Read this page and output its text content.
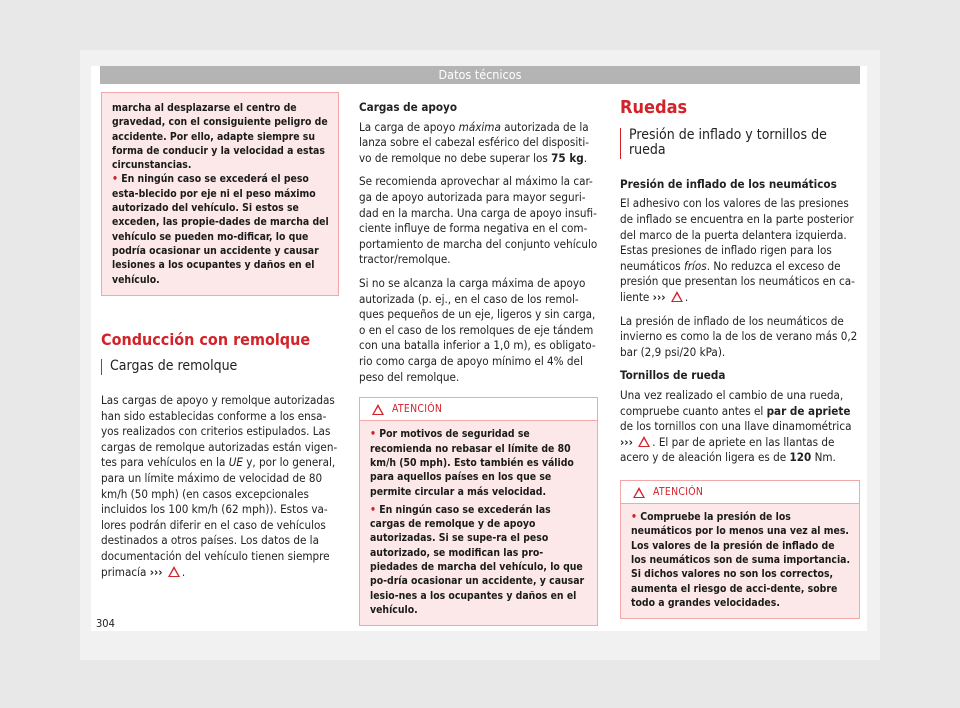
Datos técnicos

marcha al desplazarse el centro de gravedad, con el consiguiente peligro de accidente. Por ello, adapte siempre su forma de conducir y la velocidad a estas circunstancias.

• En ningún caso se excederá el peso esta-blecido por eje ni el peso máximo autorizado del vehículo. Si estos se exceden, las propie-dades de marcha del vehículo se pueden mo-dificar, lo que podría ocasionar un accidente y causar lesiones a los ocupantes y daños en el vehículo.

Conducción con remolque

Cargas de remolque

Las cargas de apoyo y remolque autorizadas han sido establecidas conforme a los ensa-yos realizados con criterios estipulados. Las cargas de remolque autorizadas están vigen-tes para vehículos en la UE y, por lo general, para un límite máximo de velocidad de 80 km/h (50 mph) (en casos excepcionales incluidos los 100 km/h (62 mph)). Estos va-lores podrán diferir en el caso de vehículos destinados a otros países. Los datos de la documentación del vehículo tienen siempre primacía ››› .

Cargas de apoyo

La carga de apoyo máxima autorizada de la lanza sobre el cabezal esférico del dispositi-vo de remolque no debe superar los 75 kg.

Se recomienda aprovechar al máximo la car-ga de apoyo autorizada para mayor seguri-dad en la marcha. Una carga de apoyo insufi-ciente influye de forma negativa en el com-portamiento de marcha del conjunto vehículo tractor/remolque.

Si no se alcanza la carga máxima de apoyo autorizada (p. ej., en el caso de los remol-ques pequeños de un eje, ligeros y sin carga, o en el caso de los remolques de eje tándem con una batalla inferior a 1,0 m), es obligato-rio como carga de apoyo mínimo el 4% del peso del remolque.

ATENCIÓN

• Por motivos de seguridad se recomienda no rebasar el límite de 80 km/h (50 mph). Esto también es válido para aquellos países en los que se permite circular a más velocidad.

• En ningún caso se excederán las cargas de remolque y de apoyo autorizadas. Si se supe-ra el peso autorizado, se modifican las pro-piedades de marcha del vehículo, lo que po-dría ocasionar un accidente, y causar lesio-nes a los ocupantes y daños en el vehículo.

Ruedas

Presión de inflado y tornillos de rueda

Presión de inflado de los neumáticos

El adhesivo con los valores de las presiones de inflado se encuentra en la parte posterior del marco de la puerta delantera izquierda. Estas presiones de inflado rigen para los neumáticos fríos. No reduzca el exceso de presión que presentan los neumáticos en ca-liente ››› .

La presión de inflado de los neumáticos de invierno es como la de los de verano más 0,2 bar (2,9 psi/20 kPa).

Tornillos de rueda

Una vez realizado el cambio de una rueda, compruebe cuanto antes el par de apriete de los tornillos con una llave dinamométrica ››› . El par de apriete en las llantas de acero y de aleación ligera es de 120 Nm.

ATENCIÓN

• Compruebe la presión de los neumáticos por lo menos una vez al mes. Los valores de la presión de inflado de los neumáticos son de suma importancia. Si dichos valores no son los correctos, aumenta el riesgo de acci-dente, sobre todo a grandes velocidades.

304
